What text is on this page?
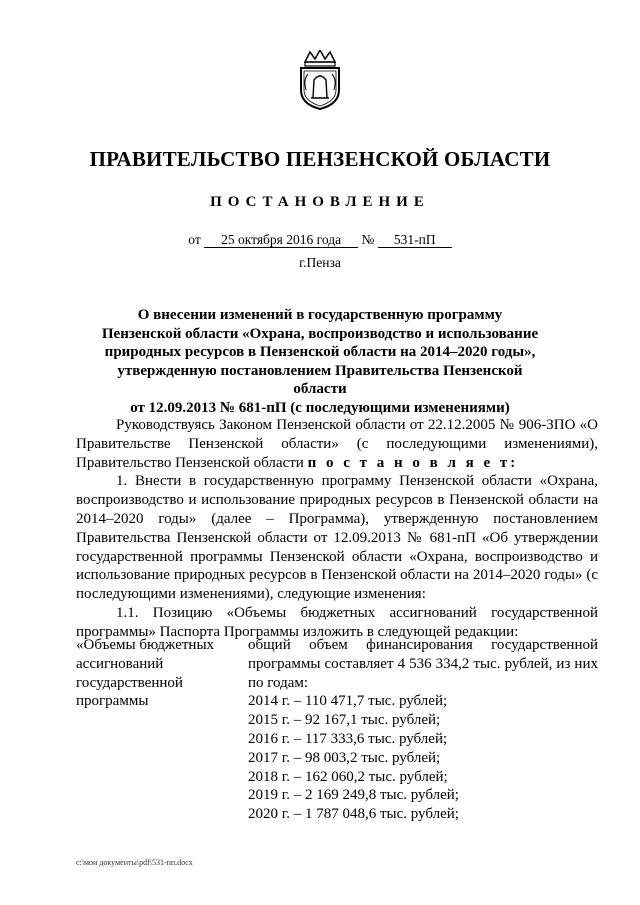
ПРАВИТЕЛЬСТВО ПЕНЗЕНСКОЙ ОБЛАСТИ
ПОСТАНОВЛЕНИЕ
от 25 октября 2016 года № 531-пП
г.Пенза
О внесении изменений в государственную программу
Пензенской области «Охрана, воспроизводство и использование
природных ресурсов в Пензенской области на 2014–2020 годы»,
утвержденную постановлением Правительства Пензенской области
от 12.09.2013 № 681-пП (с последующими изменениями)

Руководствуясь Законом Пензенской области от 22.12.2005 № 906-ЗПО «О Правительстве Пензенской области» (с последующими изменениями), Правительство Пензенской области п о с т а н о в л я е т:

1. Внести в государственную программу Пензенской области «Охрана, воспроизводство и использование природных ресурсов в Пензенской области на 2014–2020 годы» (далее – Программа), утвержденную постановлением Правительства Пензенской области от 12.09.2013 № 681-пП «Об утверждении государственной программы Пензенской области «Охрана, воспроизводство и использование природных ресурсов в Пензенской области на 2014–2020 годы» (с последующими изменениями), следующие изменения:

1.1. Позицию «Объемы бюджетных ассигнований государственной программы» Паспорта Программы изложить в следующей редакции:

«Объемы бюджетных
ассигнований
государственной
программы
общий объем финансирования государственной программы составляет 4 536 334,2 тыс. рублей, из них по годам:
2014 г. – 110 471,7 тыс. рублей;
2015 г. – 92 167,1 тыс. рублей;
2016 г. – 117 333,6 тыс. рублей;
2017 г. – 98 003,2 тыс. рублей;
2018 г. – 162 060,2 тыс. рублей;
2019 г. – 2 169 249,8 тыс. рублей;
2020 г. – 1 787 048,6 тыс. рублей;
c:\мои документы\pdf\531-пп.docx
